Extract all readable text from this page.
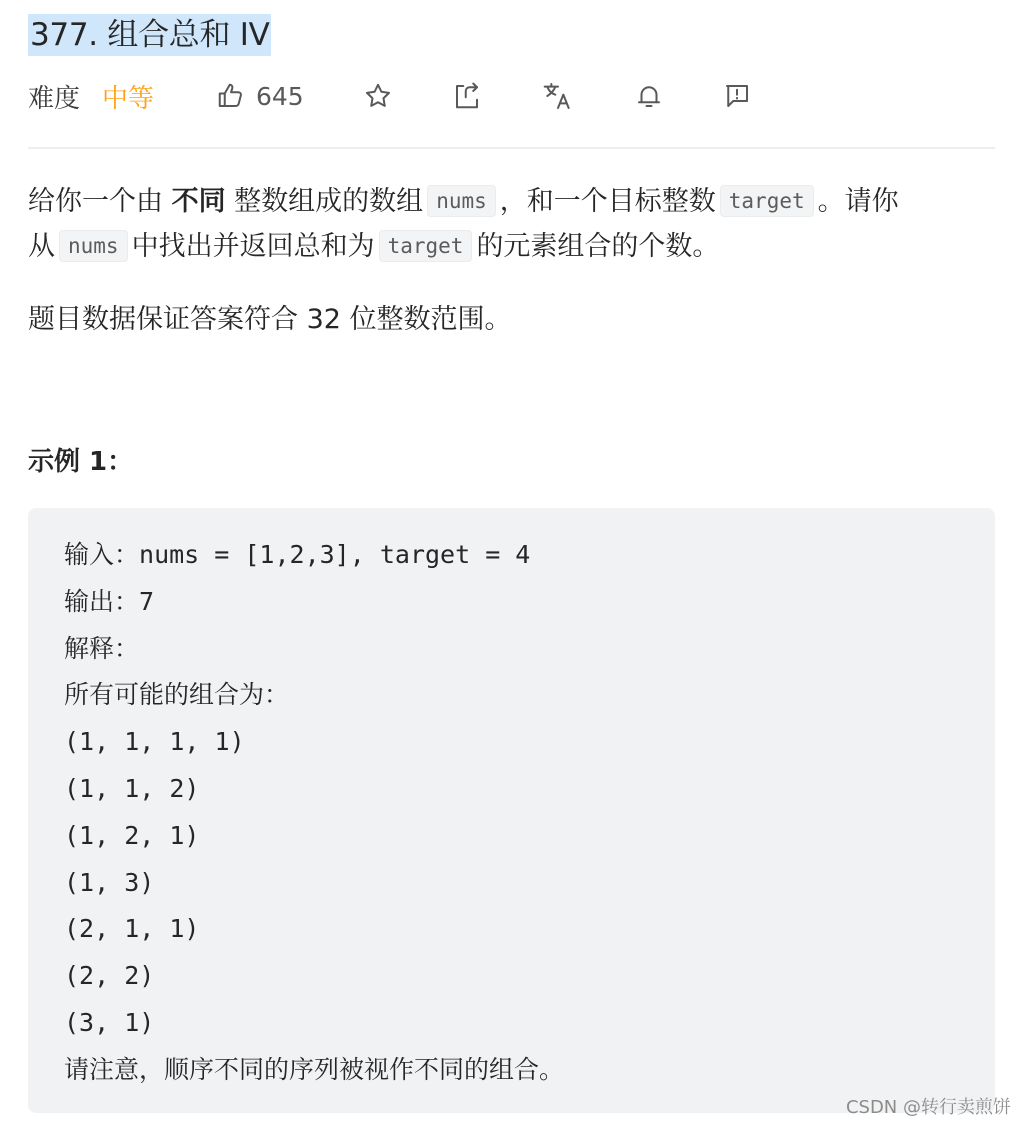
377. 组合总和 IV
难度 中等	645

给你一个由 不同 整数组成的数组 nums ，和一个目标整数 target 。请你

从 nums 中找出并返回总和为 target 的元素组合的个数。

题目数据保证答案符合 32 位整数范围。
示例 1：
输入：nums = [1,2,3], target = 4
输出：7
解释：
所有可能的组合为：
(1, 1, 1, 1)
(1, 1, 2)
(1, 2, 1)
(1, 3)
(2, 1, 1)
(2, 2)
(3, 1)
请注意，顺序不同的序列被视作不同的组合。
CSDN @转行卖煎饼
